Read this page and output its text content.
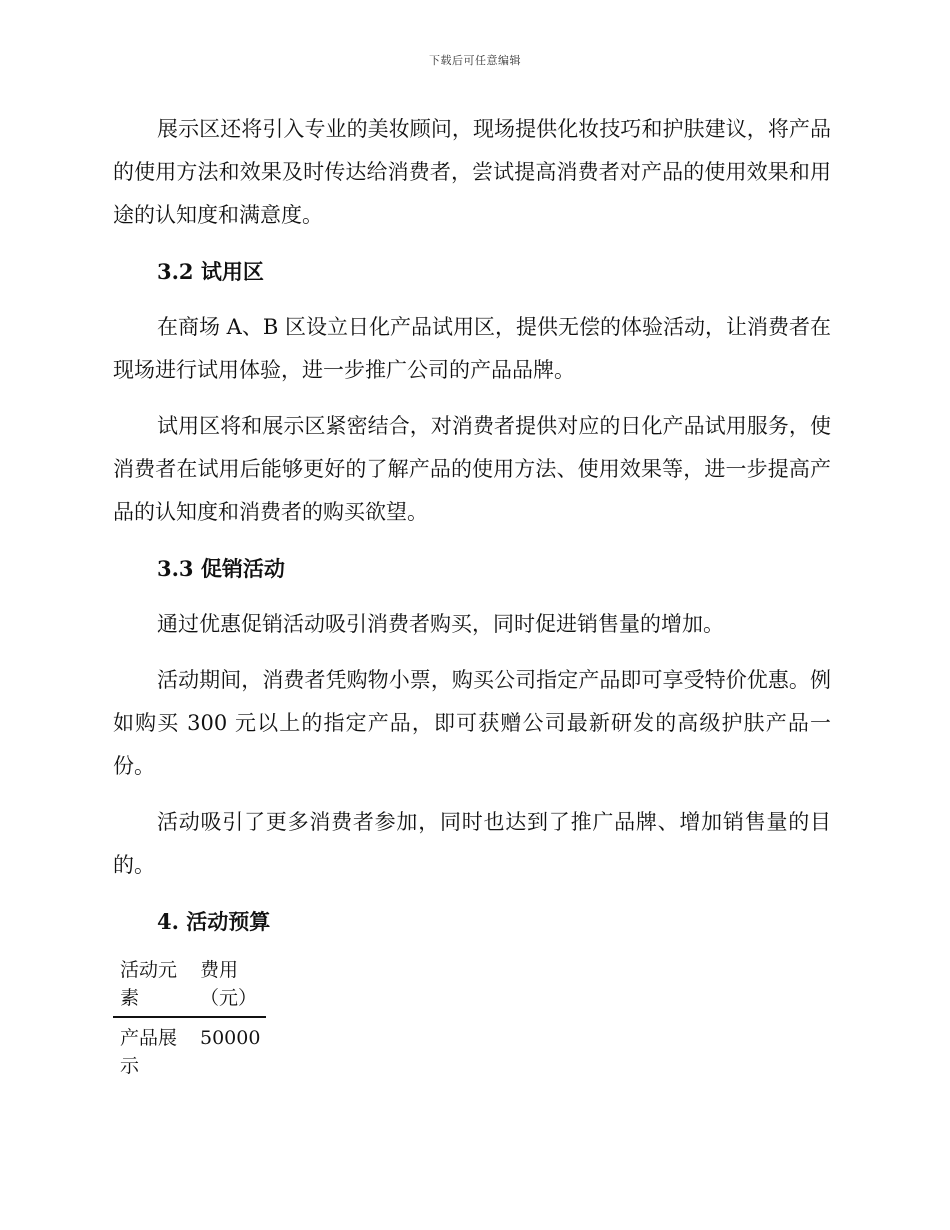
下载后可任意编辑

展示区还将引入专业的美妆顾问，现场提供化妆技巧和护肤建议，将产品的使用方法和效果及时传达给消费者，尝试提高消费者对产品的使用效果和用途的认知度和满意度。

3.2 试用区

在商场 A、B 区设立日化产品试用区，提供无偿的体验活动，让消费者在现场进行试用体验，进一步推广公司的产品品牌。

试用区将和展示区紧密结合，对消费者提供对应的日化产品试用服务，使消费者在试用后能够更好的了解产品的使用方法、使用效果等，进一步提高产品的认知度和消费者的购买欲望。

3.3 促销活动

通过优惠促销活动吸引消费者购买，同时促进销售量的增加。

活动期间，消费者凭购物小票，购买公司指定产品即可享受特价优惠。例如购买 300 元以上的指定产品，即可获赠公司最新研发的高级护肤产品一份。

活动吸引了更多消费者参加，同时也达到了推广品牌、增加销售量的目的。

4. 活动预算
活动元素	费用（元）
产品展示	50000
